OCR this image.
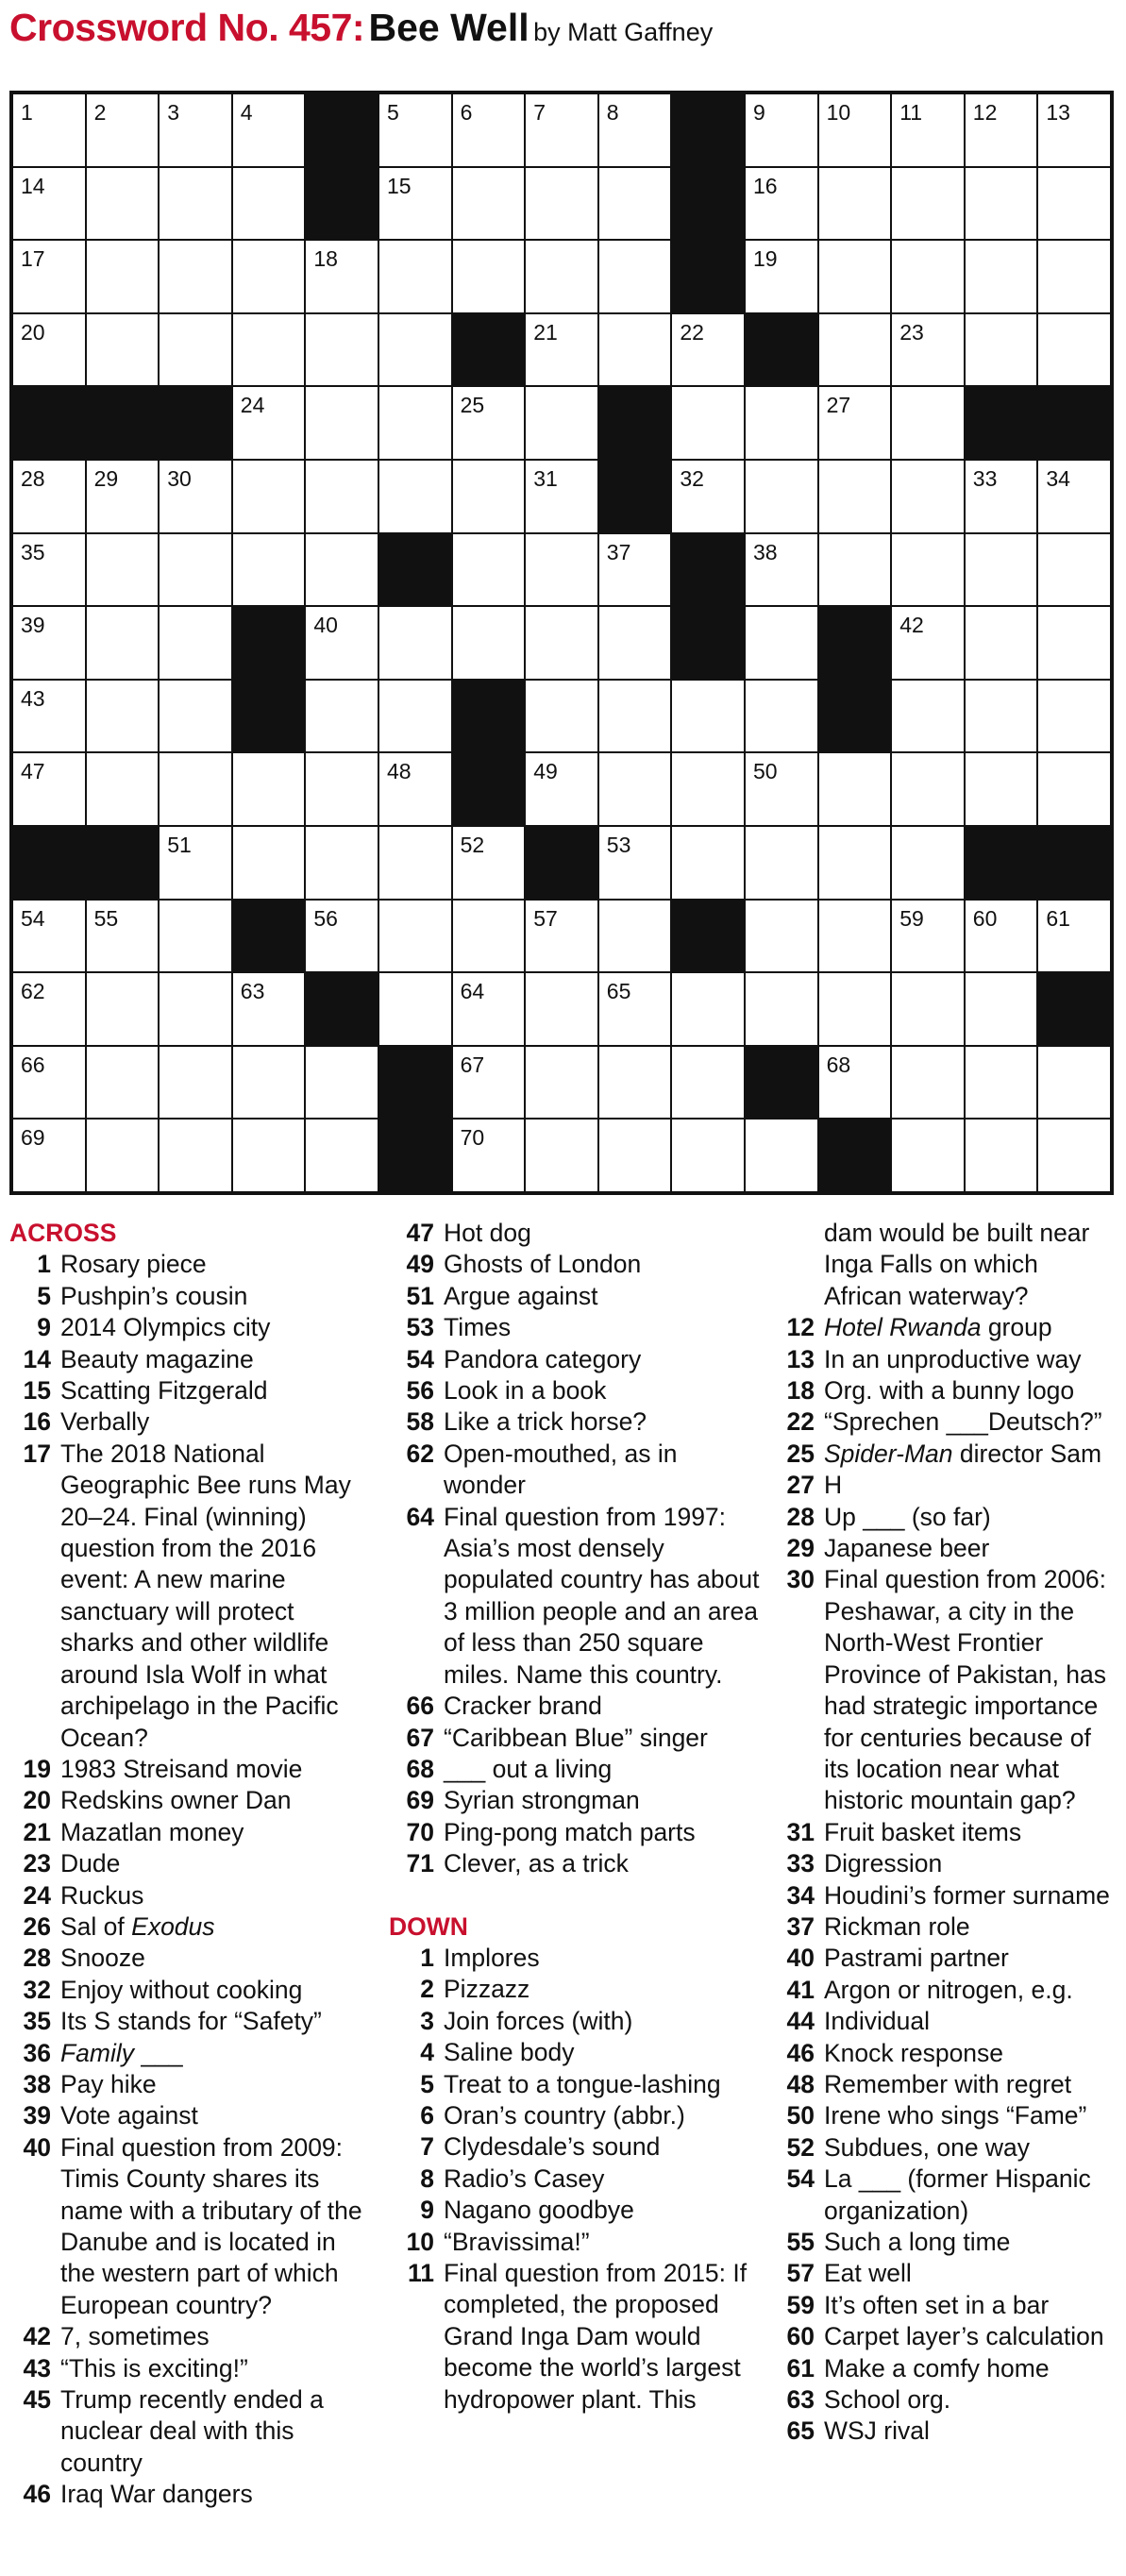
Crossword No. 457: Bee Well by Matt Gaffney
1	2	3	4	5	6	7	8	9	10 11 12 13
14	15	16
17	18	19
20	21	22	23
24	25	27
28 29 30	31	32	33 34
35	37	38
39	40	42
43
47	48	49	50
51	52	53
54 55	56	57	59 60 61
62	63	64	65
66	67	68
69	70
ACROSS
1 Rosary piece
5 Pushpin’s cousin
9 2014 Olympics city
14 Beauty magazine
15 Scatting Fitzgerald
16 Verbally
17 The 2018 National Geographic Bee runs May 20–24. Final (winning) question from the 2016 event: A new marine sanctuary will protect sharks and other wildlife around Isla Wolf in what archipelago in the Pacific Ocean?
19 1983 Streisand movie
20 Redskins owner Dan
21 Mazatlan money
23 Dude
24 Ruckus
26 Sal of Exodus
28 Snooze
32 Enjoy without cooking
35 Its S stands for “Safety”
36 Family ___
38 Pay hike
39 Vote against
40 Final question from 2009: Timis County shares its name with a tributary of the Danube and is located in the western part of which European country?
42 7, sometimes
43 “This is exciting!”
45 Trump recently ended a nuclear deal with this country
46 Iraq War dangers
47 Hot dog
49 Ghosts of London
51 Argue against
53 Times
54 Pandora category
56 Look in a book
58 Like a trick horse?
62 Open-mouthed, as in wonder
64 Final question from 1997: Asia’s most densely populated country has about 3 million people and an area of less than 250 square miles. Name this country.
66 Cracker brand
67 “Caribbean Blue” singer
68 ___ out a living
69 Syrian strongman
70 Ping-pong match parts
71 Clever, as a trick
DOWN
1 Implores
2 Pizzazz
3 Join forces (with)
4 Saline body
5 Treat to a tongue-lashing
6 Oran’s country (abbr.)
7 Clydesdale’s sound
8 Radio’s Casey
9 Nagano goodbye
10 “Bravissima!”
11 Final question from 2015: If completed, the proposed Grand Inga Dam would become the world’s largest hydropower plant. This
dam would be built near Inga Falls on which African waterway?
12 Hotel Rwanda group
13 In an unproductive way
18 Org. with a bunny logo
22 “Sprechen ___Deutsch?”
25 Spider-Man director Sam
27 H
28 Up ___ (so far)
29 Japanese beer
30 Final question from 2006: Peshawar, a city in the North-West Frontier Province of Pakistan, has had strategic importance for centuries because of its location near what historic mountain gap?
31 Fruit basket items
33 Digression
34 Houdini’s former surname
37 Rickman role
40 Pastrami partner
41 Argon or nitrogen, e.g.
44 Individual
46 Knock response
48 Remember with regret
50 Irene who sings “Fame”
52 Subdues, one way
54 La ___ (former Hispanic organization)
55 Such a long time
57 Eat well
59 It’s often set in a bar
60 Carpet layer’s calculation
61 Make a comfy home
63 School org.
65 WSJ rival
